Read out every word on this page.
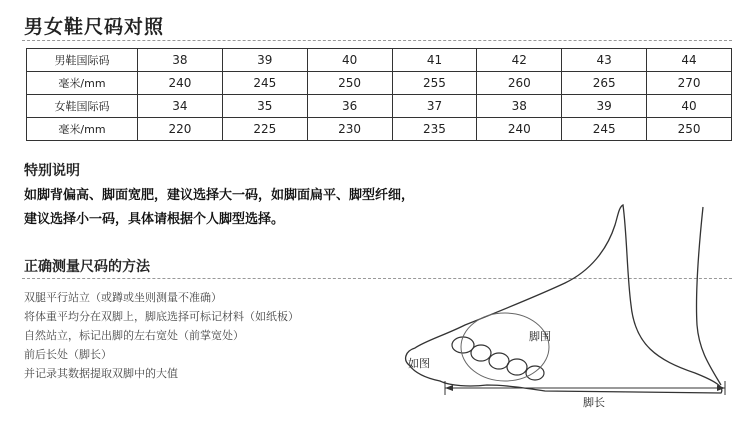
男女鞋尺码对照
男鞋国际码	38	39	40	41	42	43	44
毫米/mm	240	245	250	255	260	265	270
女鞋国际码	34	35	36	37	38	39	40
毫米/mm	220	225	230	235	240	245	250
特别说明
如脚背偏高、脚面宽肥，建议选择大一码，如脚面扁平、脚型纤细，
建议选择小一码，具体请根据个人脚型选择。
正确测量尺码的方法
双腿平行站立（或蹲或坐则测量不准确）
将体重平均分在双脚上，脚底选择可标记材料（如纸板）
自然站立，标记出脚的左右宽处（前掌宽处）
前后长处（脚长）
并记录其数据提取双脚中的大值
脚围
如图
脚长
